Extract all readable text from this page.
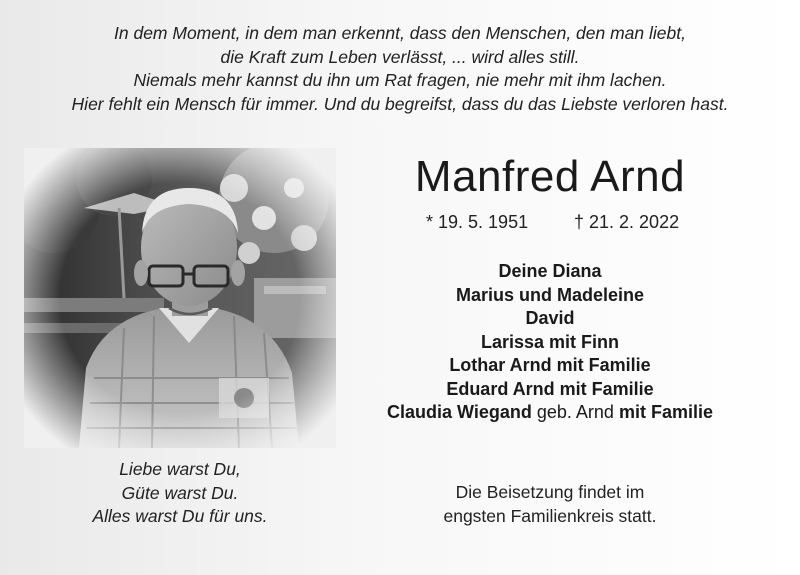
In dem Moment, in dem man erkennt, dass den Menschen, den man liebt,
die Kraft zum Leben verlässt, ... wird alles still.
Niemals mehr kannst du ihn um Rat fragen, nie mehr mit ihm lachen.
Hier fehlt ein Mensch für immer. Und du begreifst, dass du das Liebste verloren hast.
Manfred Arnd
* 19. 5. 1951	† 21. 2. 2022
Deine Diana
Marius und Madeleine
David
Larissa mit Finn
Lothar Arnd mit Familie
Eduard Arnd mit Familie
Claudia Wiegand geb. Arnd mit Familie
Liebe warst Du,
Güte warst Du.
Alles warst Du für uns.
Die Beisetzung findet im
engsten Familienkreis statt.
